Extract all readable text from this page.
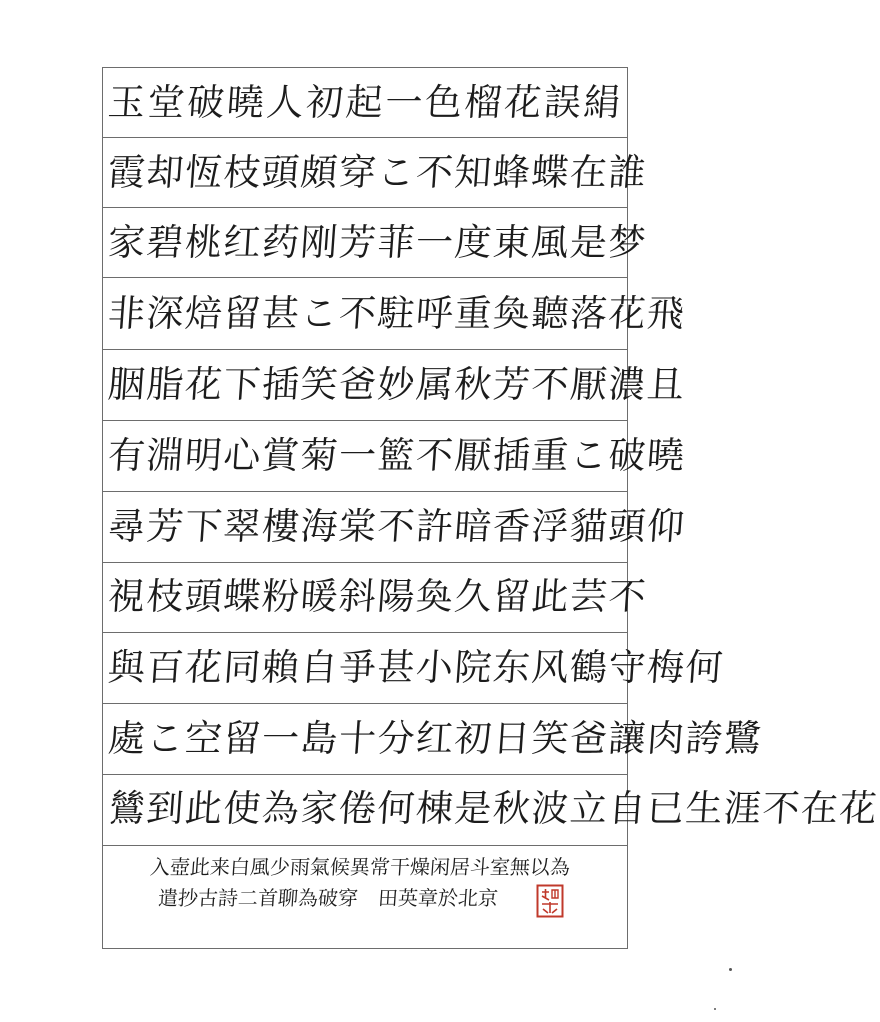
玉堂破曉人初起一色榴花誤絹
霞却恆枝頭頗穿こ不知蜂蝶在誰
家碧桃红药刚芳菲一度東風是梦
非深焙留甚こ不駐呼重奐聽落花飛
胭脂花下插笑爸妙属秋芳不厭濃且
有淵明心賞菊一籃不厭插重こ破曉
尋芳下翠樓海棠不許暗香浮貓頭仰
視枝頭蝶粉暖斜陽奐久留此芸不
與百花同賴自爭甚小院东风鶴守梅何
處こ空留一島十分红初日笑爸讓肉誇鷺
鷥到此使為家倦何棟是秋波立自已生涯不在花
入壺此来白風少雨氣候異常干燥闲居斗室無以為
遣抄古詩二首聊為破穿　田英章於北京
